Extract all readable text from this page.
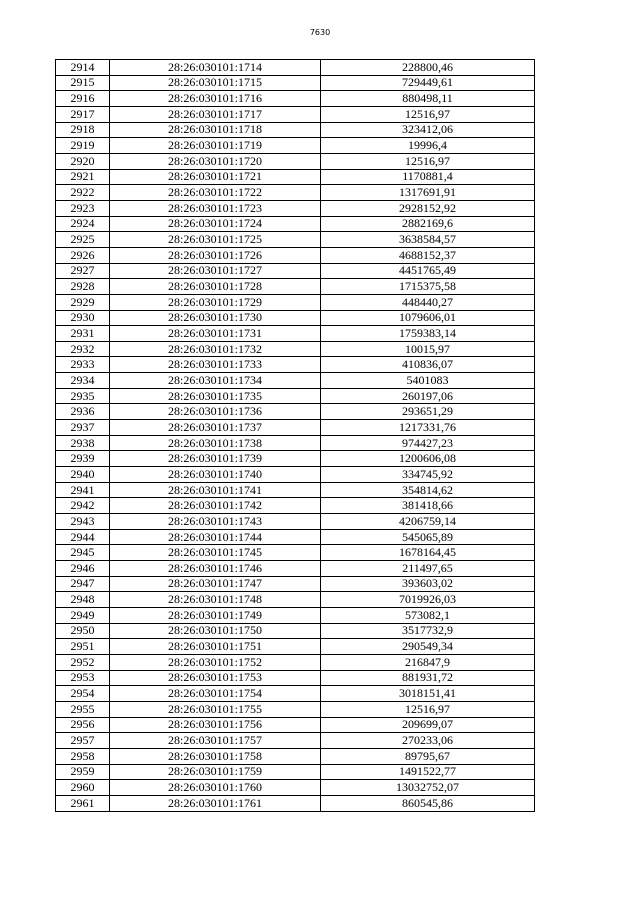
7630
2914	28:26:030101:1714	228800,46
2915	28:26:030101:1715	729449,61
2916	28:26:030101:1716	880498,11
2917	28:26:030101:1717	12516,97
2918	28:26:030101:1718	323412,06
2919	28:26:030101:1719	19996,4
2920	28:26:030101:1720	12516,97
2921	28:26:030101:1721	1170881,4
2922	28:26:030101:1722	1317691,91
2923	28:26:030101:1723	2928152,92
2924	28:26:030101:1724	2882169,6
2925	28:26:030101:1725	3638584,57
2926	28:26:030101:1726	4688152,37
2927	28:26:030101:1727	4451765,49
2928	28:26:030101:1728	1715375,58
2929	28:26:030101:1729	448440,27
2930	28:26:030101:1730	1079606,01
2931	28:26:030101:1731	1759383,14
2932	28:26:030101:1732	10015,97
2933	28:26:030101:1733	410836,07
2934	28:26:030101:1734	5401083
2935	28:26:030101:1735	260197,06
2936	28:26:030101:1736	293651,29
2937	28:26:030101:1737	1217331,76
2938	28:26:030101:1738	974427,23
2939	28:26:030101:1739	1200606,08
2940	28:26:030101:1740	334745,92
2941	28:26:030101:1741	354814,62
2942	28:26:030101:1742	381418,66
2943	28:26:030101:1743	4206759,14
2944	28:26:030101:1744	545065,89
2945	28:26:030101:1745	1678164,45
2946	28:26:030101:1746	211497,65
2947	28:26:030101:1747	393603,02
2948	28:26:030101:1748	7019926,03
2949	28:26:030101:1749	573082,1
2950	28:26:030101:1750	3517732,9
2951	28:26:030101:1751	290549,34
2952	28:26:030101:1752	216847,9
2953	28:26:030101:1753	881931,72
2954	28:26:030101:1754	3018151,41
2955	28:26:030101:1755	12516,97
2956	28:26:030101:1756	209699,07
2957	28:26:030101:1757	270233,06
2958	28:26:030101:1758	89795,67
2959	28:26:030101:1759	1491522,77
2960	28:26:030101:1760	13032752,07
2961	28:26:030101:1761	860545,86
